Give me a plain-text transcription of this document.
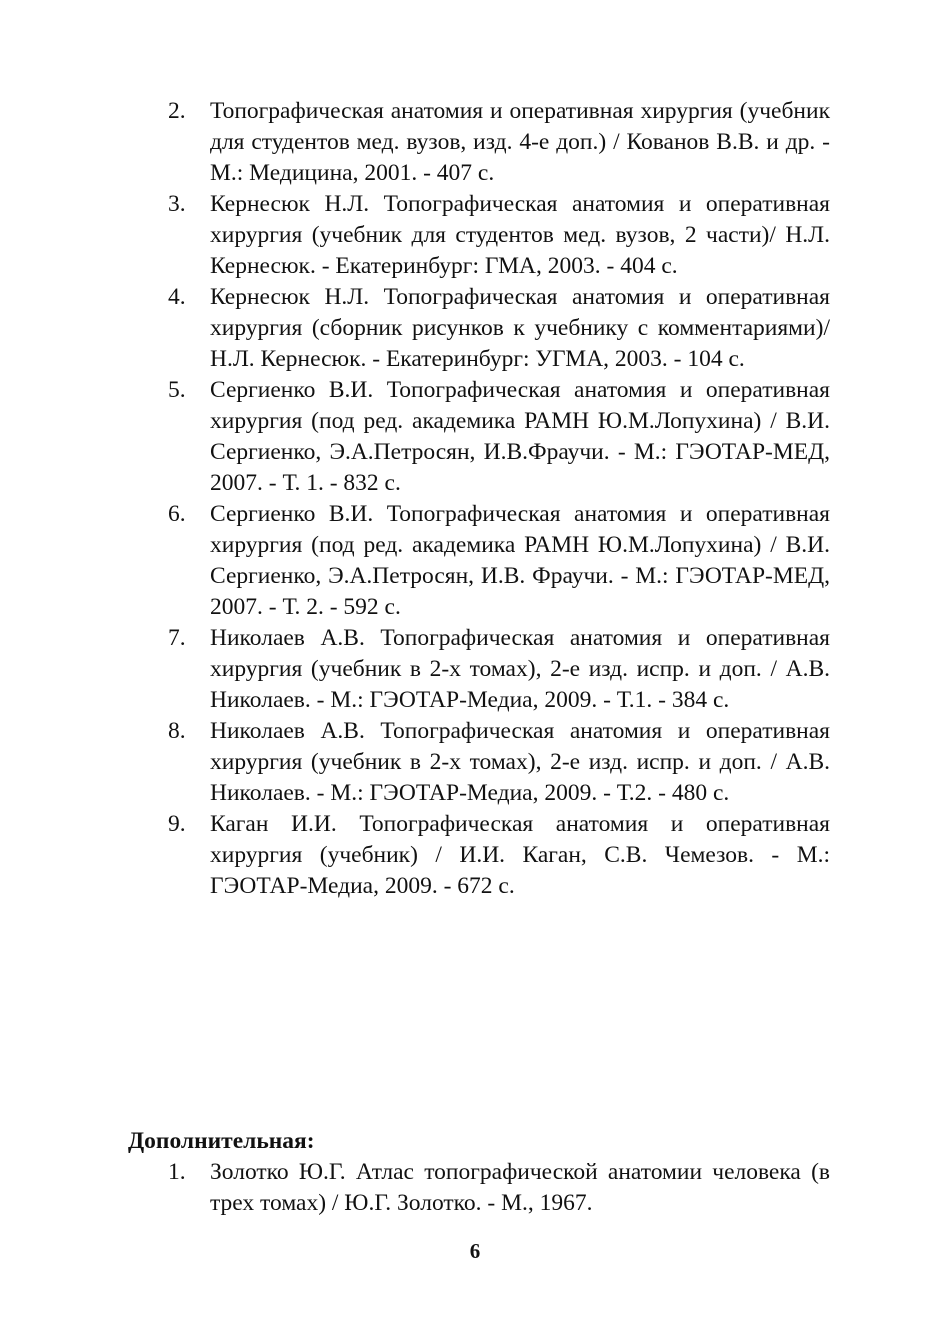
2. Топографическая анатомия и оперативная хирургия (учебник для студентов мед. вузов, изд. 4-е доп.) / Кованов В.В. и др. - М.: Медицина, 2001. - 407 с.
3. Кернесюк Н.Л. Топографическая анатомия и оперативная хирургия (учебник для студентов мед. вузов, 2 части)/ Н.Л. Кернесюк. - Екатеринбург: ГМА, 2003. - 404 с.
4. Кернесюк Н.Л. Топографическая анатомия и оперативная хирургия (сборник рисунков к учебнику с комментариями)/ Н.Л. Кернесюк. - Екатеринбург: УГМА, 2003. - 104 с.
5. Сергиенко В.И. Топографическая анатомия и оперативная хирургия (под ред. академика РАМН Ю.М.Лопухина) / В.И. Сергиенко, Э.А.Петросян, И.В.Фраучи. - М.: ГЭОТАР-МЕД, 2007. - Т. 1. - 832 с.
6. Сергиенко В.И. Топографическая анатомия и оперативная хирургия (под ред. академика РАМН Ю.М.Лопухина) / В.И. Сергиенко, Э.А.Петросян, И.В. Фраучи. - М.: ГЭОТАР-МЕД, 2007. - Т. 2. - 592 с.
7. Николаев А.В. Топографическая анатомия и оперативная хирургия (учебник в 2-х томах), 2-е изд. испр. и доп. / А.В. Николаев. - М.: ГЭОТАР-Медиа, 2009. - Т.1. - 384 с.
8. Николаев А.В. Топографическая анатомия и оперативная хирургия (учебник в 2-х томах), 2-е изд. испр. и доп. / А.В. Николаев. - М.: ГЭОТАР-Медиа, 2009. - Т.2. - 480 с.
9. Каган И.И. Топографическая анатомия и оперативная хирургия (учебник) / И.И. Каган, С.В. Чемезов. - М.: ГЭОТАР-Медиа, 2009. - 672 с.
Дополнительная:
1. Золотко Ю.Г. Атлас топографической анатомии человека (в трех томах) / Ю.Г. Золотко. - М., 1967.
6
